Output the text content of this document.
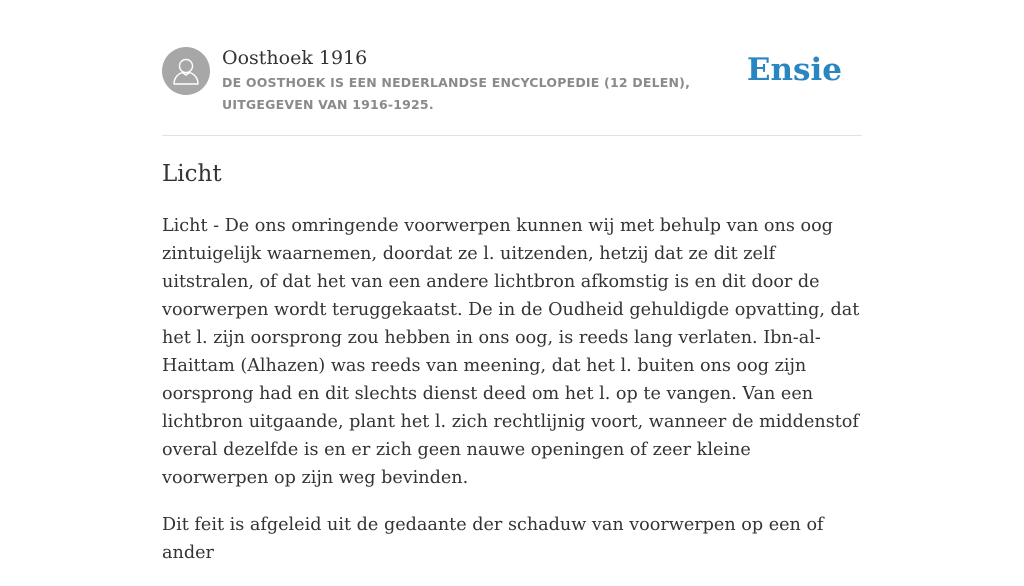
Oosthoek 1916
DE OOSTHOEK IS EEN NEDERLANDSE ENCYCLOPEDIE (12 DELEN), UITGEGEVEN VAN 1916-1925.
Ensie
Licht

Licht - De ons omringende voorwerpen kunnen wij met behulp van ons oog zintuigelijk waarnemen, doordat ze l. uitzenden, hetzij dat ze dit zelf uitstralen, of dat het van een andere lichtbron afkomstig is en dit door de voorwerpen wordt teruggekaatst. De in de Oudheid gehuldigde opvatting, dat het l. zijn oorsprong zou hebben in ons oog, is reeds lang verlaten. Ibn-al-Haittam (Alhazen) was reeds van meening, dat het l. buiten ons oog zijn oorsprong had en dit slechts dienst deed om het l. op te vangen. Van een lichtbron uitgaande, plant het l. zich rechtlijnig voort, wanneer de middenstof overal dezelfde is en er zich geen nauwe openingen of zeer kleine voorwerpen op zijn weg bevinden.

Dit feit is afgeleid uit de gedaante der schaduw van voorwerpen op een of ander
